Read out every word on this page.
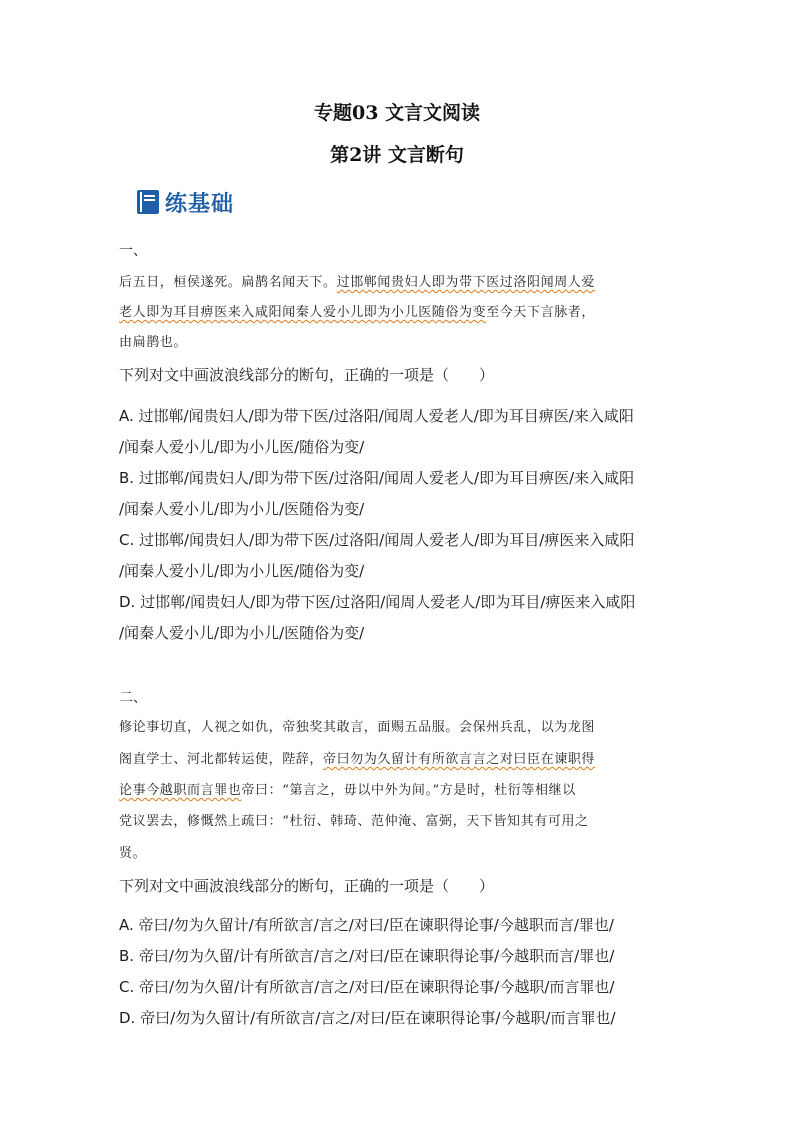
专题03 文言文阅读
第2讲 文言断句
练基础
一、
后五日，桓侯遂死。扁鹊名闻天下。过邯郸闻贵妇人即为带下医过洛阳闻周人爱
老人即为耳目痹医来入咸阳闻秦人爱小儿即为小儿医随俗为变至今天下言脉者，
由扁鹊也。
下列对文中画波浪线部分的断句，正确的一项是（　　）
A. 过邯郸/闻贵妇人/即为带下医/过洛阳/闻周人爱老人/即为耳目痹医/来入咸阳
/闻秦人爱小儿/即为小儿医/随俗为变/
B. 过邯郸/闻贵妇人/即为带下医/过洛阳/闻周人爱老人/即为耳目痹医/来入咸阳
/闻秦人爱小儿/即为小儿/医随俗为变/
C. 过邯郸/闻贵妇人/即为带下医/过洛阳/闻周人爱老人/即为耳目/痹医来入咸阳
/闻秦人爱小儿/即为小儿医/随俗为变/
D. 过邯郸/闻贵妇人/即为带下医/过洛阳/闻周人爱老人/即为耳目/痹医来入咸阳
/闻秦人爱小儿/即为小儿/医随俗为变/
二、
修论事切直，人视之如仇，帝独奖其敢言，面赐五品服。会保州兵乱，以为龙图
阁直学士、河北都转运使，陛辞，帝曰勿为久留计有所欲言言之对曰臣在谏职得
论事今越职而言罪也帝曰：“第言之，毋以中外为间。”方是时，杜衍等相继以
党议罢去，修慨然上疏曰：“杜衍、韩琦、范仲淹、富弼，天下皆知其有可用之
贤。
下列对文中画波浪线部分的断句，正确的一项是（　　）
A. 帝曰/勿为久留计/有所欲言/言之/对曰/臣在谏职得论事/今越职而言/罪也/
B. 帝曰/勿为久留/计有所欲言/言之/对曰/臣在谏职得论事/今越职而言/罪也/
C. 帝曰/勿为久留/计有所欲言/言之/对曰/臣在谏职得论事/今越职/而言罪也/
D. 帝曰/勿为久留计/有所欲言/言之/对曰/臣在谏职得论事/今越职/而言罪也/
